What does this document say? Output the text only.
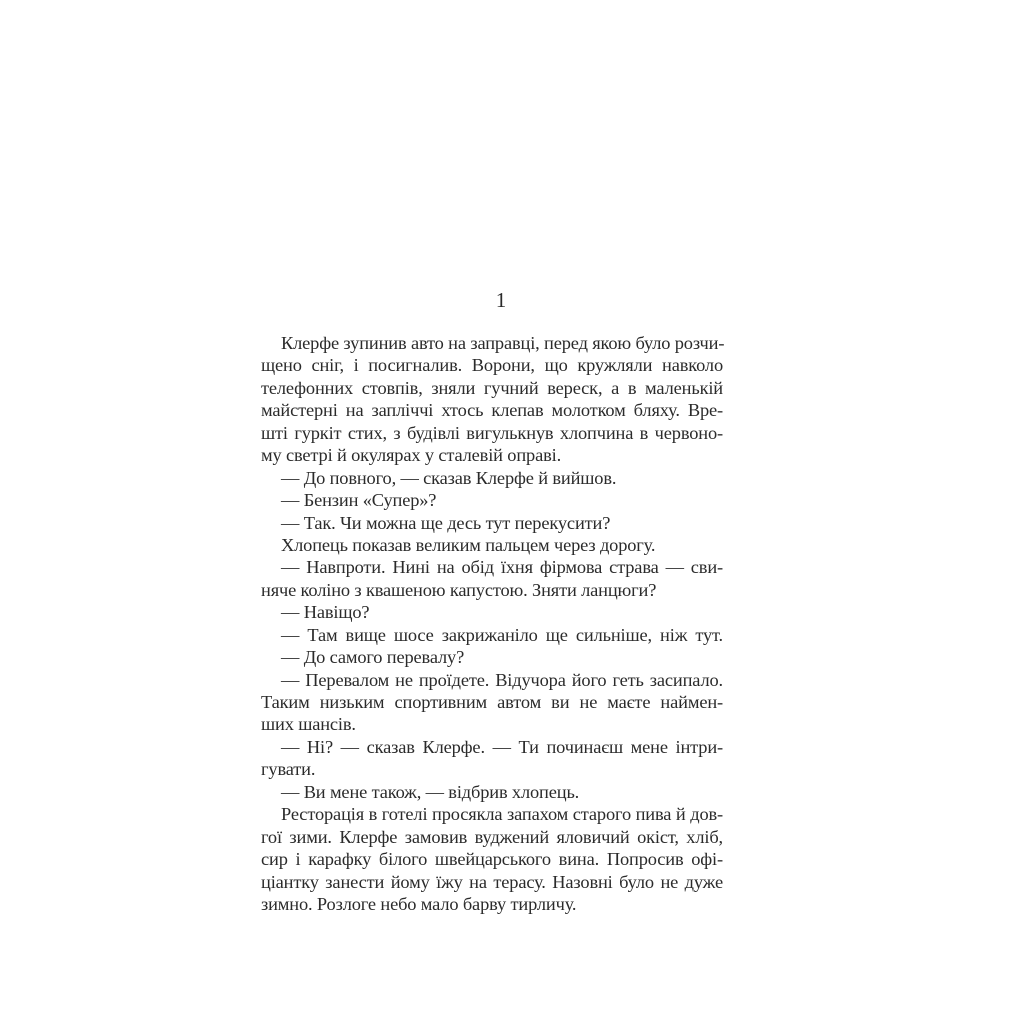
1
Клерфе зупинив авто на заправці, перед якою було розчи-
щено сніг, і посигналив. Ворони, що кружляли навколо
телефонних стовпів, зняли гучний вереск, а в маленькій
майстерні на запліччі хтось клепав молотком бляху. Вре-
шті гуркіт стих, з будівлі вигулькнув хлопчина в червоно-
му светрі й окулярах у сталевій оправі.
— До повного, — сказав Клерфе й вийшов.
— Бензин «Супер»?
— Так. Чи можна ще десь тут перекусити?
Хлопець показав великим пальцем через дорогу.
— Навпроти. Нині на обід їхня фірмова страва — сви-
няче коліно з квашеною капустою. Зняти ланцюги?
— Навіщо?
— Там вище шосе закрижаніло ще сильніше, ніж тут.
— До самого перевалу?
— Перевалом не проїдете. Відучора його геть засипало.
Таким низьким спортивним автом ви не маєте наймен-
ших шансів.
— Ні? — сказав Клерфе. — Ти починаєш мене інтри-
гувати.
— Ви мене також, — відбрив хлопець.
Ресторація в готелі просякла запахом старого пива й дов-
гої зими. Клерфе замовив вуджений яловичий окіст, хліб,
сир і карафку білого швейцарського вина. Попросив офі-
ціантку занести йому їжу на терасу. Назовні було не дуже
зимно. Розлоге небо мало барву тирличу.
